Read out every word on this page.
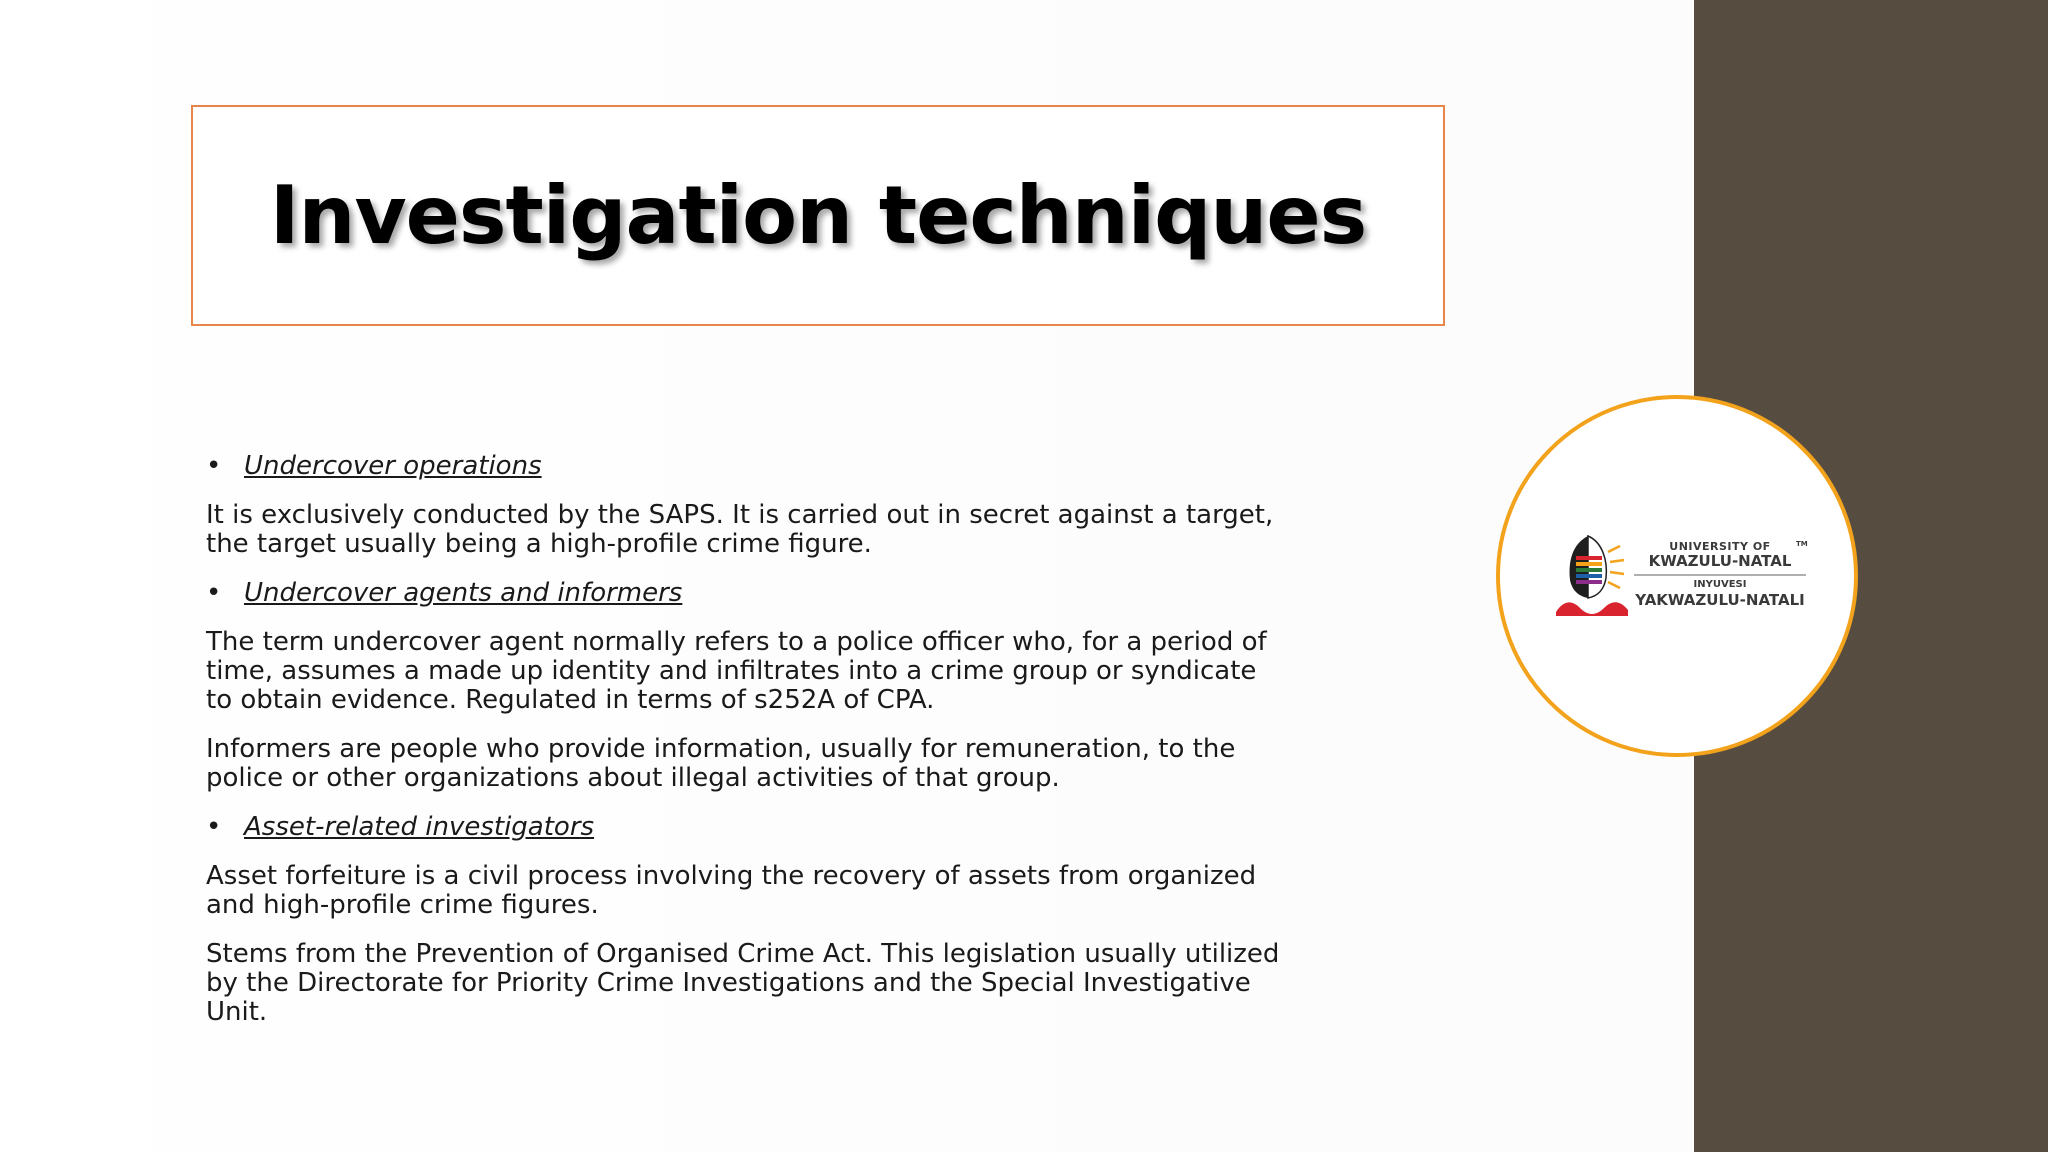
Investigation techniques
• Undercover operations

It is exclusively conducted by the SAPS. It is carried out in secret against a target, the target usually being a high-profile crime figure.

• Undercover agents and informers

The term undercover agent normally refers to a police officer who, for a period of time, assumes a made up identity and infiltrates into a crime group or syndicate to obtain evidence. Regulated in terms of s252A of CPA.

Informers are people who provide information, usually for remuneration, to the police or other organizations about illegal activities of that group.

• Asset-related investigators

Asset forfeiture is a civil process involving the recovery of assets from organized and high-profile crime figures.

Stems from the Prevention of Organised Crime Act. This legislation usually utilized by the Directorate for Priority Crime Investigations and the Special Investigative Unit.

UNIVERSITY OF
KWAZULU-NATAL
INYUVESI
YAKWAZULU-NATALI
TM
